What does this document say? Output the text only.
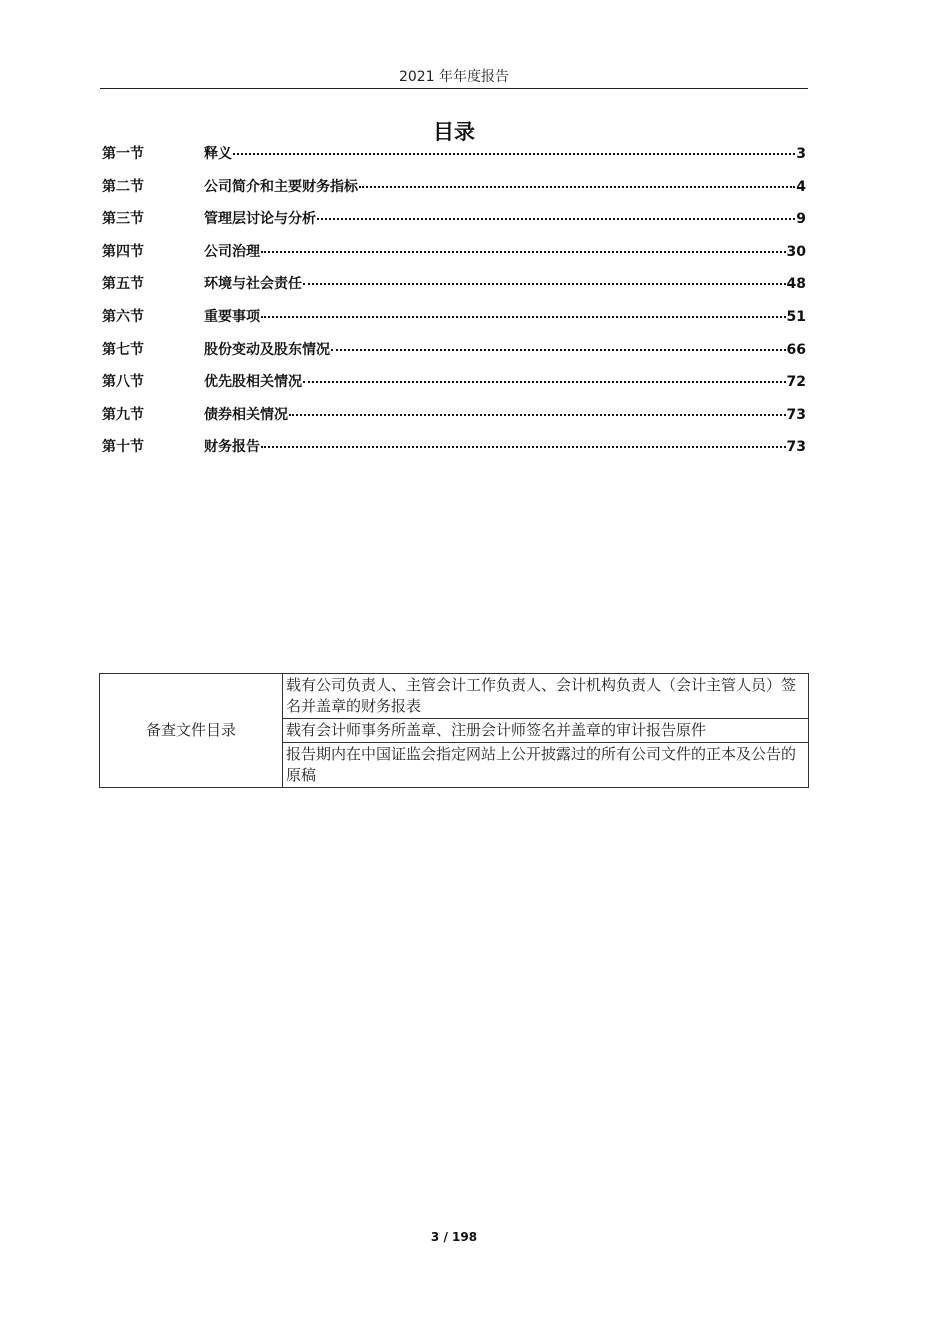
2021 年年度报告
目录
第一节	释义	3
第二节	公司简介和主要财务指标	4
第三节	管理层讨论与分析	9
第四节	公司治理	30
第五节	环境与社会责任	48
第六节	重要事项	51
第七节	股份变动及股东情况	66
第八节	优先股相关情况	72
第九节	债券相关情况	73
第十节	财务报告	73
备查文件目录	载有公司负责人、主管会计工作负责人、会计机构负责人（会计主管人员）签名并盖章的财务报表
载有会计师事务所盖章、注册会计师签名并盖章的审计报告原件
报告期内在中国证监会指定网站上公开披露过的所有公司文件的正本及公告的原稿
3 / 198
